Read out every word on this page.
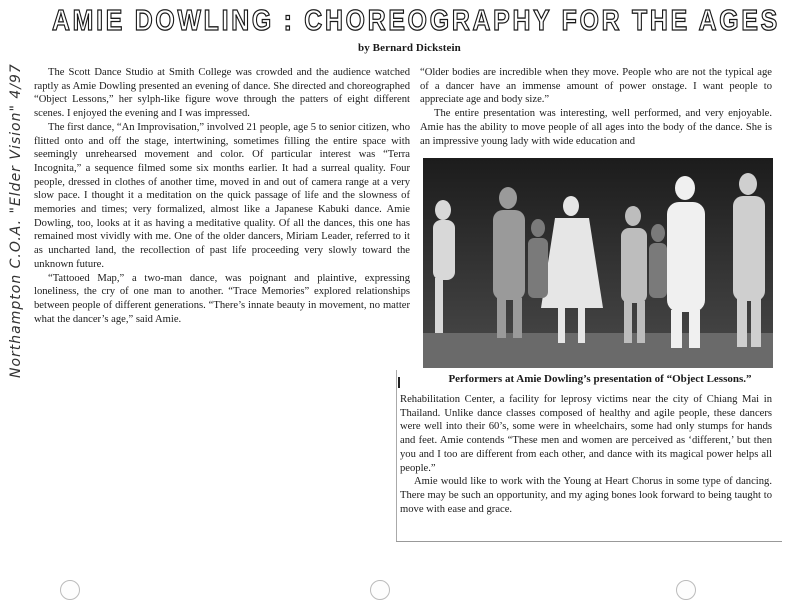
AMIE DOWLING : CHOREOGRAPHY FOR THE AGES
by Bernard Dickstein
Northampton C.O.A. "Elder Vision" 4/97	The Scott Dance Studio at Smith College was crowded and the audience watched raptly as Amie Dowling presented an evening of dance. She directed and choreographed “Object Lessons,” her sylph-like figure wove through the patters of eight different scenes. I enjoyed the evening and I was impressed.

The first dance, “An Improvisation,” involved 21 people, age 5 to senior citizen, who flitted onto and off the stage, intertwining, sometimes filling the entire space with seemingly unrehearsed movement and color. Of particular interest was “Terra Incognita,” a sequence filmed some six months earlier. It had a surreal quality. Four people, dressed in clothes of another time, moved in and out of camera range at a very slow pace. I thought it a meditation on the quick passage of life and the slowness of memories and times; very formalized, almost like a Japanese Kabuki dance. Amie Dowling, too, looks at it as having a meditative quality. Of all the dances, this one has remained most vividly with me. One of the older dancers, Miriam Leader, referred to it as uncharted land, the recollection of past life proceeding very slowly toward the unknown future.

“Tattooed Map,” a two-man dance, was poignant and plaintive, expressing loneliness, the cry of one man to another. “Trace Memories” explored relationships between people of different generations. “There’s innate beauty in movement, no matter what the dancer’s age,” said Amie.

“Older bodies are incredible when they move. People who are not the typical age of a dancer have an immense amount of power onstage. I want people to appreciate age and body size.”

The entire presentation was interesting, well performed, and very enjoyable. Amie has the ability to move people of all ages into the body of the dance. She is an impressive young lady with wide education and

Performers at Amie Dowling’s presentation of “Object Lessons.”

Rehabilitation Center, a facility for leprosy victims near the city of Chiang Mai in Thailand. Unlike dance classes composed of healthy and agile people, these dancers were well into their 60’s, some were in wheelchairs, some had only stumps for hands and feet. Amie contends “These men and women are perceived as ‘different,’ but then you and I too are different from each other, and dance with its magical power helps all people.”

Amie would like to work with the Young at Heart Chorus in some type of dancing. There may be such an opportunity, and my aging bones look forward to being taught to move with ease and grace.
